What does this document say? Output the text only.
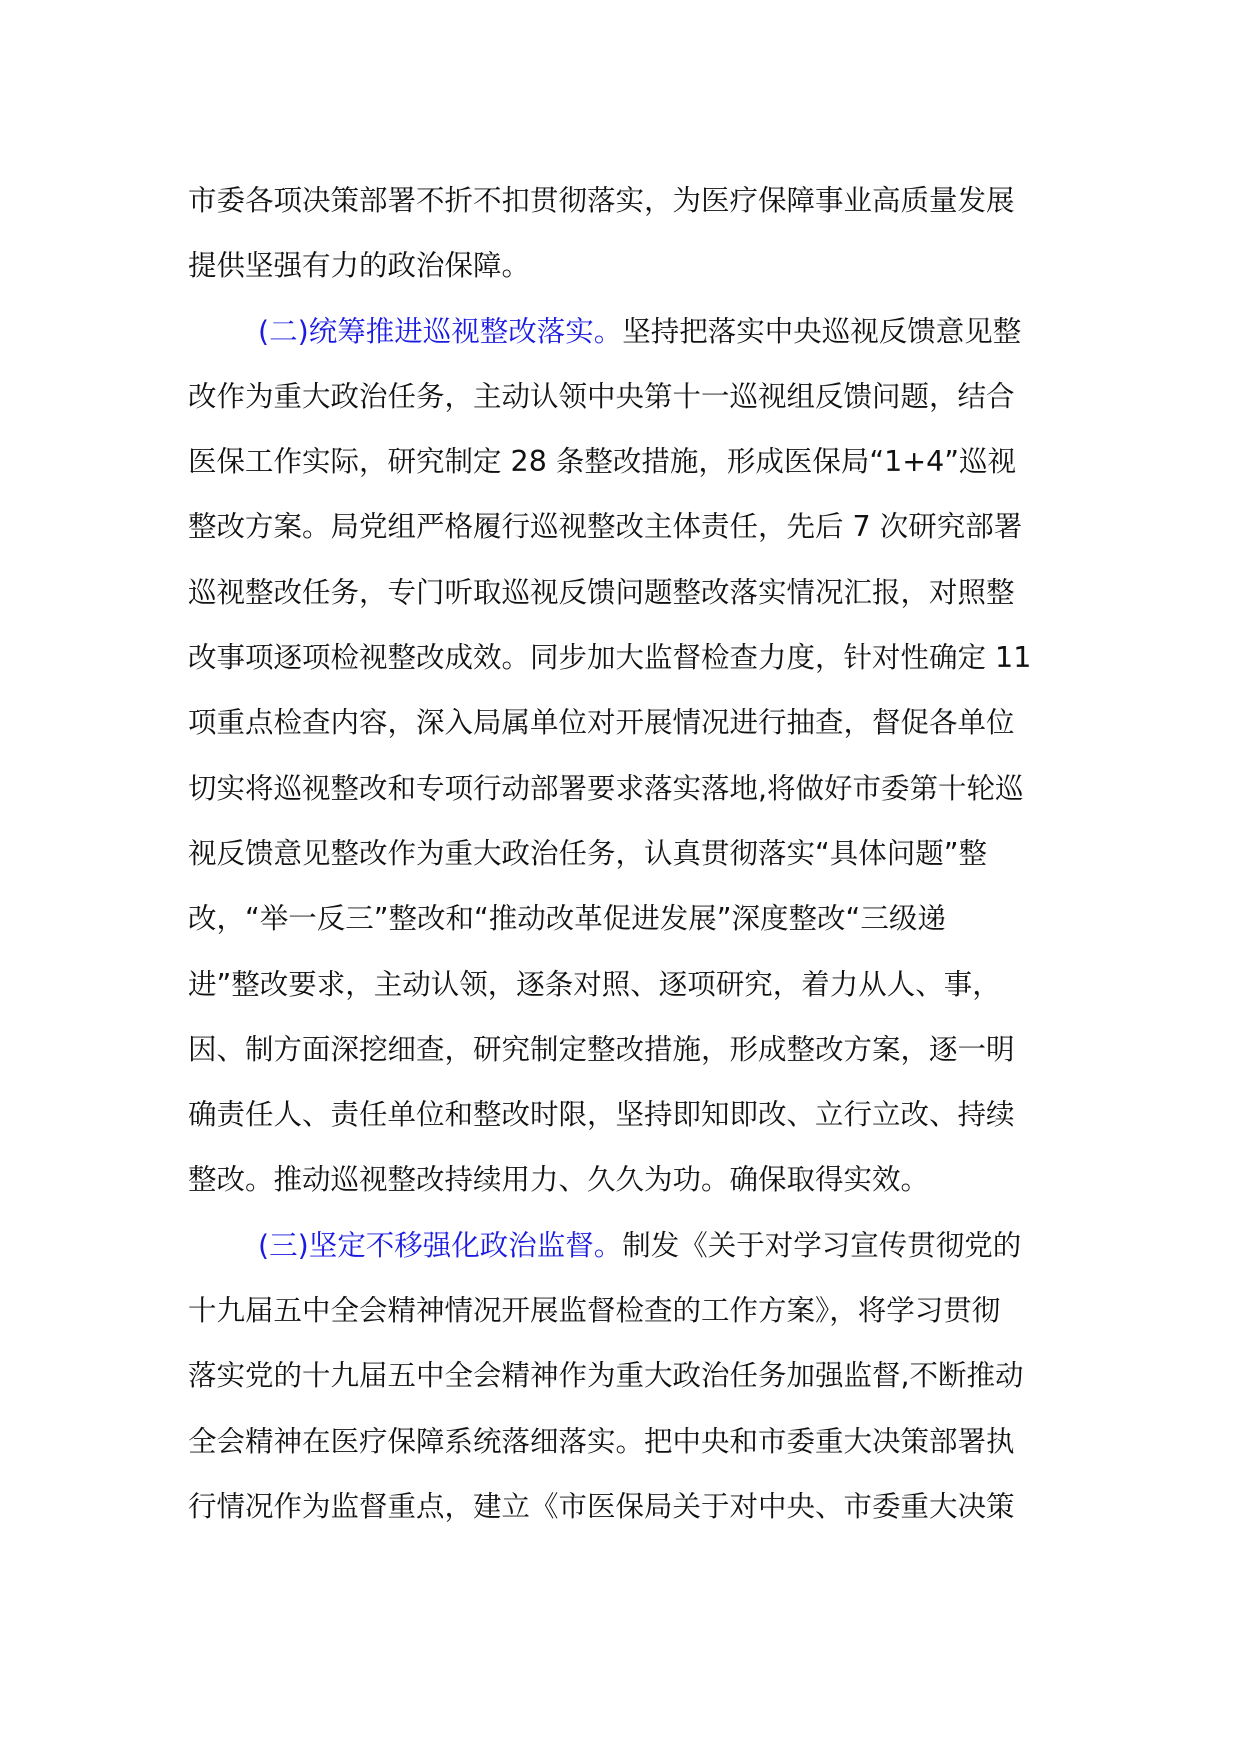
市委各项决策部署不折不扣贯彻落实，为医疗保障事业高质量发展
提供坚强有力的政治保障。
(二)统筹推进巡视整改落实。坚持把落实中央巡视反馈意见整
改作为重大政治任务，主动认领中央第十一巡视组反馈问题，结合
医保工作实际，研究制定 28 条整改措施，形成医保局“1+4”巡视
整改方案。局党组严格履行巡视整改主体责任，先后 7 次研究部署
巡视整改任务，专门听取巡视反馈问题整改落实情况汇报，对照整
改事项逐项检视整改成效。同步加大监督检查力度，针对性确定 11
项重点检查内容，深入局属单位对开展情况进行抽查，督促各单位
切实将巡视整改和专项行动部署要求落实落地,将做好市委第十轮巡
视反馈意见整改作为重大政治任务，认真贯彻落实“具体问题”整
改，“举一反三”整改和“推动改革促进发展”深度整改“三级递
进”整改要求，主动认领，逐条对照、逐项研究，着力从人、事，
因、制方面深挖细查，研究制定整改措施，形成整改方案，逐一明
确责任人、责任单位和整改时限，坚持即知即改、立行立改、持续
整改。推动巡视整改持续用力、久久为功。确保取得实效。
(三)坚定不移强化政治监督。制发《关于对学习宣传贯彻党的
十九届五中全会精神情况开展监督检查的工作方案》，将学习贯彻
落实党的十九届五中全会精神作为重大政治任务加强监督,不断推动
全会精神在医疗保障系统落细落实。把中央和市委重大决策部署执
行情况作为监督重点，建立《市医保局关于对中央、市委重大决策
